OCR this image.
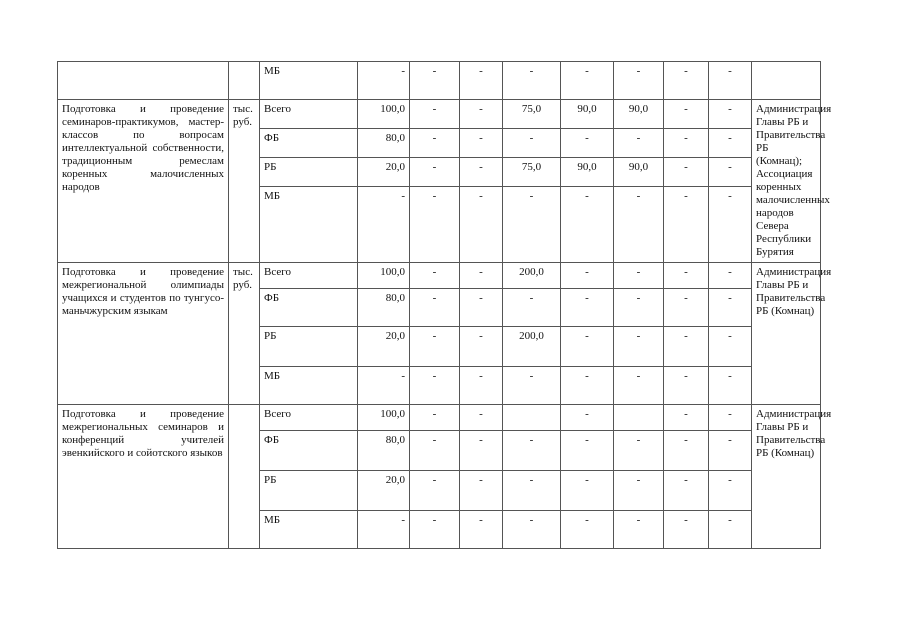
		МБ	-	-	-	-	-	-	-	-	
Подготовка и проведение семинаров-практикумов, мастер-классов по вопросам интеллектуальной собственности, традиционным ремеслам коренных малочисленных народов	тыс. руб.	Всего	100,0	-	-	75,0	90,0	90,0	-	-	Администрация Главы РБ и Правительства РБ (Комнац); Ассоциация коренных малочисленных народов Севера Республики Бурятия
		ФБ	80,0	-	-	-	-	-	-	-	
		РБ	20,0	-	-	75,0	90,0	90,0	-	-	
		МБ	-	-	-	-	-	-	-	-	
Подготовка и проведение межрегиональной олимпиады учащихся и студентов по тунгусо-маньчжурским языкам	тыс. руб.	Всего	100,0	-	-	200,0	-	-	-	-	Администрация Главы РБ и Правительства РБ (Комнац)
		ФБ	80,0	-	-	-	-	-	-	-	
		РБ	20,0	-	-	200,0	-	-	-	-	
		МБ	-	-	-	-	-	-	-	-	
Подготовка и проведение межрегиональных семинаров и конференций учителей эвенкийского и сойотского языков		Всего	100,0	-	-		-		-	-	Администрация Главы РБ и Правительства РБ (Комнац)
		ФБ	80,0	-	-	-	-	-	-	-	
		РБ	20,0	-	-	-	-	-	-	-	
		МБ	-	-	-	-	-	-	-	-	
